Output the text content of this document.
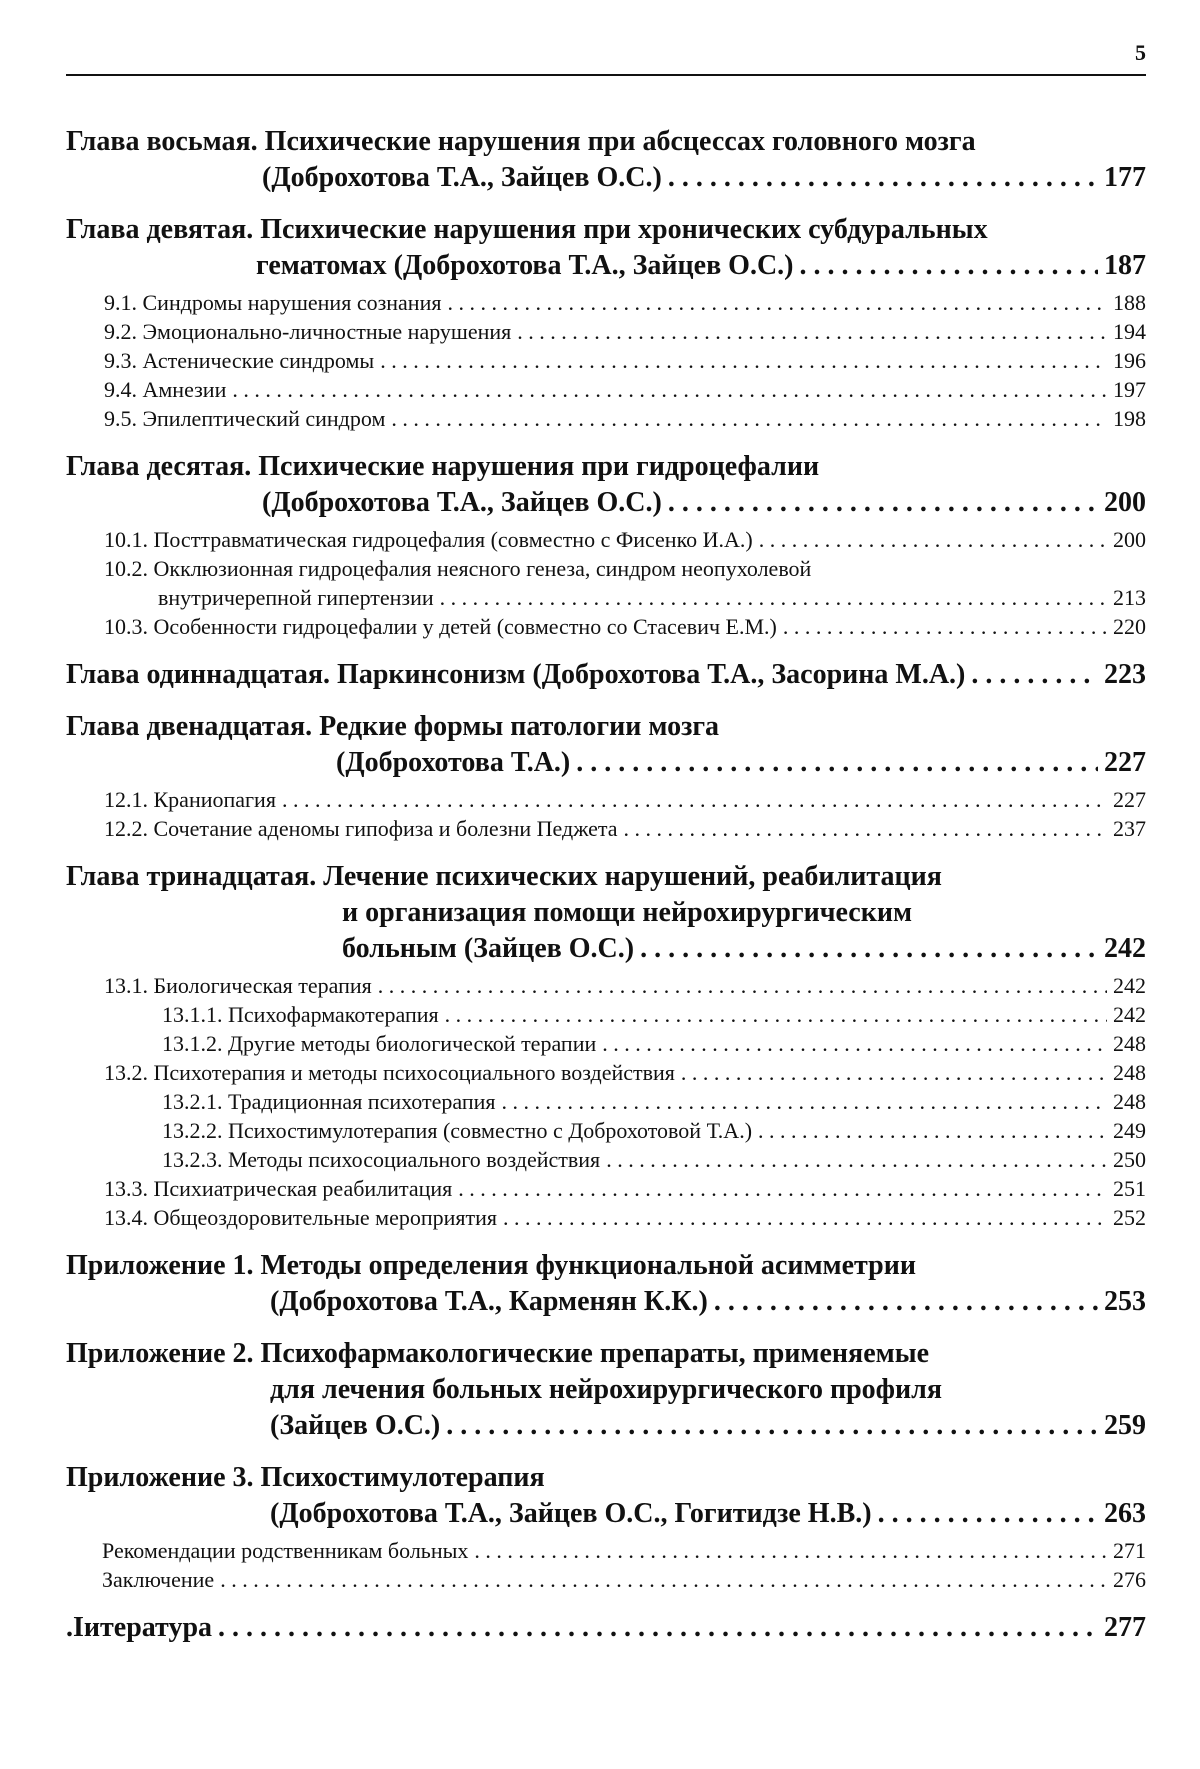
5
Глава восьмая. Психические нарушения при абсцессах головного мозга
(Доброхотова Т.А., Зайцев О.С.) . . .	177
Глава девятая. Психические нарушения при хронических субдуральных
гематомах (Доброхотова Т.А., Зайцев О.С.) . . .	187
9.1. Синдромы нарушения сознания . . .	188
9.2. Эмоционально-личностные нарушения . . .	194
9.3. Астенические синдромы . . .	196
9.4. Амнезии . . .	197
9.5. Эпилептический синдром . . .	198
Глава десятая. Психические нарушения при гидроцефалии
(Доброхотова Т.А., Зайцев О.С.) . . .	200
10.1. Посттравматическая гидроцефалия (совместно с Фисенко И.А.) . . .	200
10.2. Окклюзионная гидроцефалия неясного генеза, синдром неопухолевой
внутричерепной гипертензии . . .	213
10.3. Особенности гидроцефалии у детей (совместно со Стасевич Е.М.) . . .	220
Глава одиннадцатая. Паркинсонизм (Доброхотова Т.А., Засорина М.А.) . . .	223
Глава двенадцатая. Редкие формы патологии мозга
(Доброхотова Т.А.) . . .	227
12.1. Краниопагия . . .	227
12.2. Сочетание аденомы гипофиза и болезни Педжета . . .	237
Глава тринадцатая. Лечение психических нарушений, реабилитация
и организация помощи нейрохирургическим
больным (Зайцев О.С.) . . .	242
13.1. Биологическая терапия . . .	242
13.1.1. Психофармакотерапия . . .	242
13.1.2. Другие методы биологической терапии . . .	248
13.2. Психотерапия и методы психосоциального воздействия . . .	248
13.2.1. Традиционная психотерапия . . .	248
13.2.2. Психостимулотерапия (совместно с Доброхотовой Т.А.) . . .	249
13.2.3. Методы психосоциального воздействия . . .	250
13.3. Психиатрическая реабилитация . . .	251
13.4. Общеоздоровительные мероприятия . . .	252
Приложение 1. Методы определения функциональной асимметрии
(Доброхотова Т.А., Карменян К.К.) . . .	253
Приложение 2. Психофармакологические препараты, применяемые
для лечения больных нейрохирургического профиля
(Зайцев О.С.) . . .	259
Приложение 3. Психостимулотерапия
(Доброхотова Т.А., Зайцев О.С., Гогитидзе Н.В.) . . .	263
Рекомендации родственникам больных . . .	271
Заключение . . .	276
.Iитература . . .	277
